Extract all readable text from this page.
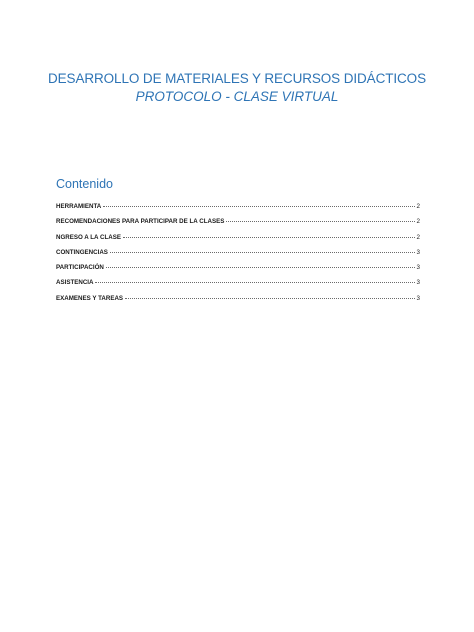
DESARROLLO DE MATERIALES Y RECURSOS DIDÁCTICOS
PROTOCOLO - CLASE VIRTUAL
Contenido
HERRAMIENTA	2
RECOMENDACIONES PARA PARTICIPAR DE LA CLASES	2
NGRESO A LA CLASE	2
CONTINGENCIAS	3
PARTICIPACIÓN	3
ASISTENCIA	3
EXAMENES Y TAREAS	3
